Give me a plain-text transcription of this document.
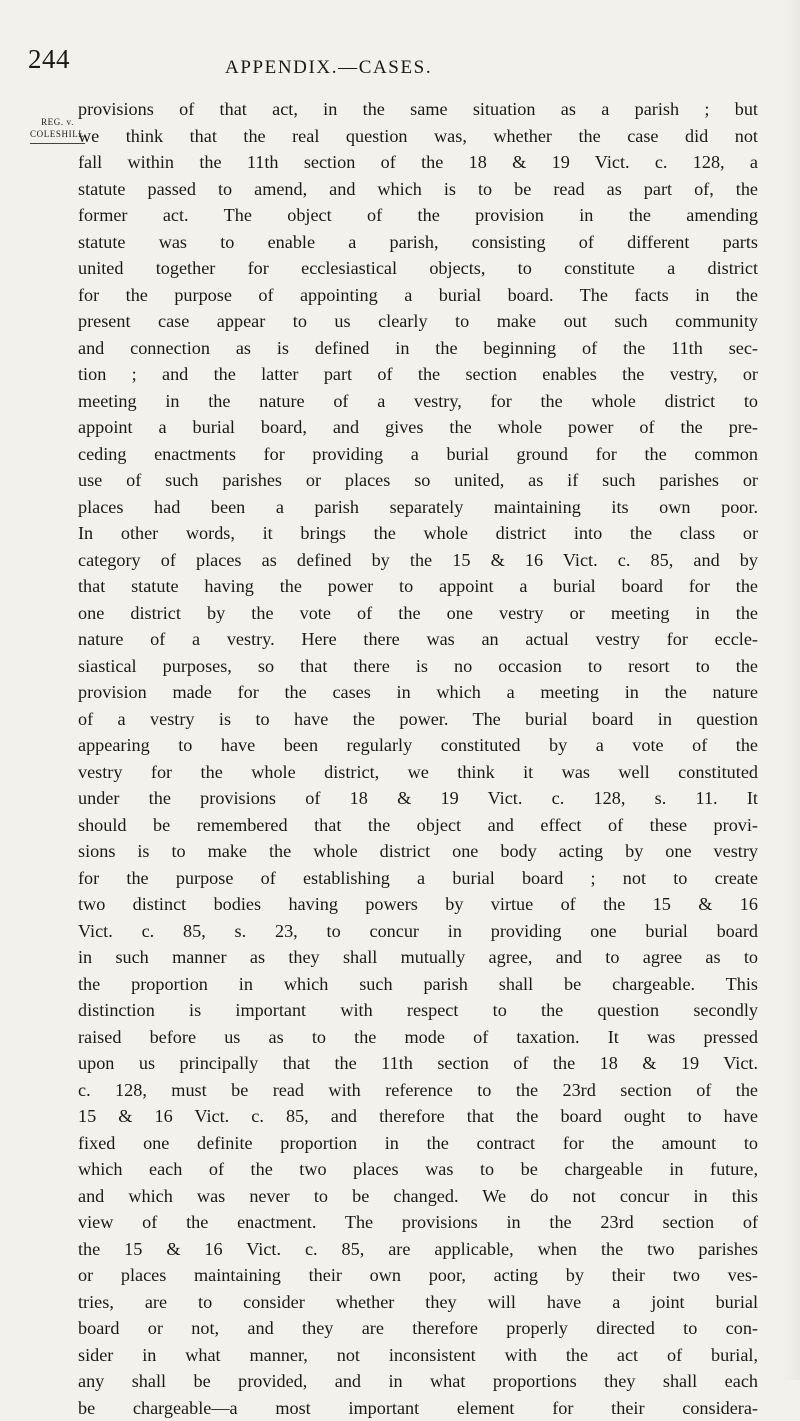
244	APPENDIX.—CASES.
REG. v.
COLESHILL.
provisions of that act, in the same situation as a parish ; but
we think that the real question was, whether the case did not
fall within the 11th section of the 18 & 19 Vict. c. 128, a
statute passed to amend, and which is to be read as part of, the
former act. The object of the provision in the amending
statute was to enable a parish, consisting of different parts
united together for ecclesiastical objects, to constitute a district
for the purpose of appointing a burial board. The facts in the
present case appear to us clearly to make out such community
and connection as is defined in the beginning of the 11th sec-
tion ; and the latter part of the section enables the vestry, or
meeting in the nature of a vestry, for the whole district to
appoint a burial board, and gives the whole power of the pre-
ceding enactments for providing a burial ground for the common
use of such parishes or places so united, as if such parishes or
places had been a parish separately maintaining its own poor.
In other words, it brings the whole district into the class or
category of places as defined by the 15 & 16 Vict. c. 85, and by
that statute having the power to appoint a burial board for the
one district by the vote of the one vestry or meeting in the
nature of a vestry. Here there was an actual vestry for eccle-
siastical purposes, so that there is no occasion to resort to the
provision made for the cases in which a meeting in the nature
of a vestry is to have the power. The burial board in question
appearing to have been regularly constituted by a vote of the
vestry for the whole district, we think it was well constituted
under the provisions of 18 & 19 Vict. c. 128, s. 11. It
should be remembered that the object and effect of these provi-
sions is to make the whole district one body acting by one vestry
for the purpose of establishing a burial board ; not to create
two distinct bodies having powers by virtue of the 15 & 16
Vict. c. 85, s. 23, to concur in providing one burial board
in such manner as they shall mutually agree, and to agree as to
the proportion in which such parish shall be chargeable. This
distinction is important with respect to the question secondly
raised before us as to the mode of taxation. It was pressed
upon us principally that the 11th section of the 18 & 19 Vict.
c. 128, must be read with reference to the 23rd section of the
15 & 16 Vict. c. 85, and therefore that the board ought to have
fixed one definite proportion in the contract for the amount to
which each of the two places was to be chargeable in future,
and which was never to be changed. We do not concur in this
view of the enactment. The provisions in the 23rd section of
the 15 & 16 Vict. c. 85, are applicable, when the two parishes
or places maintaining their own poor, acting by their two ves-
tries, are to consider whether they will have a joint burial
board or not, and they are therefore properly directed to con-
sider in what manner, not inconsistent with the act of burial,
any shall be provided, and in what proportions they shall each
be chargeable—a most important element for their considera-
